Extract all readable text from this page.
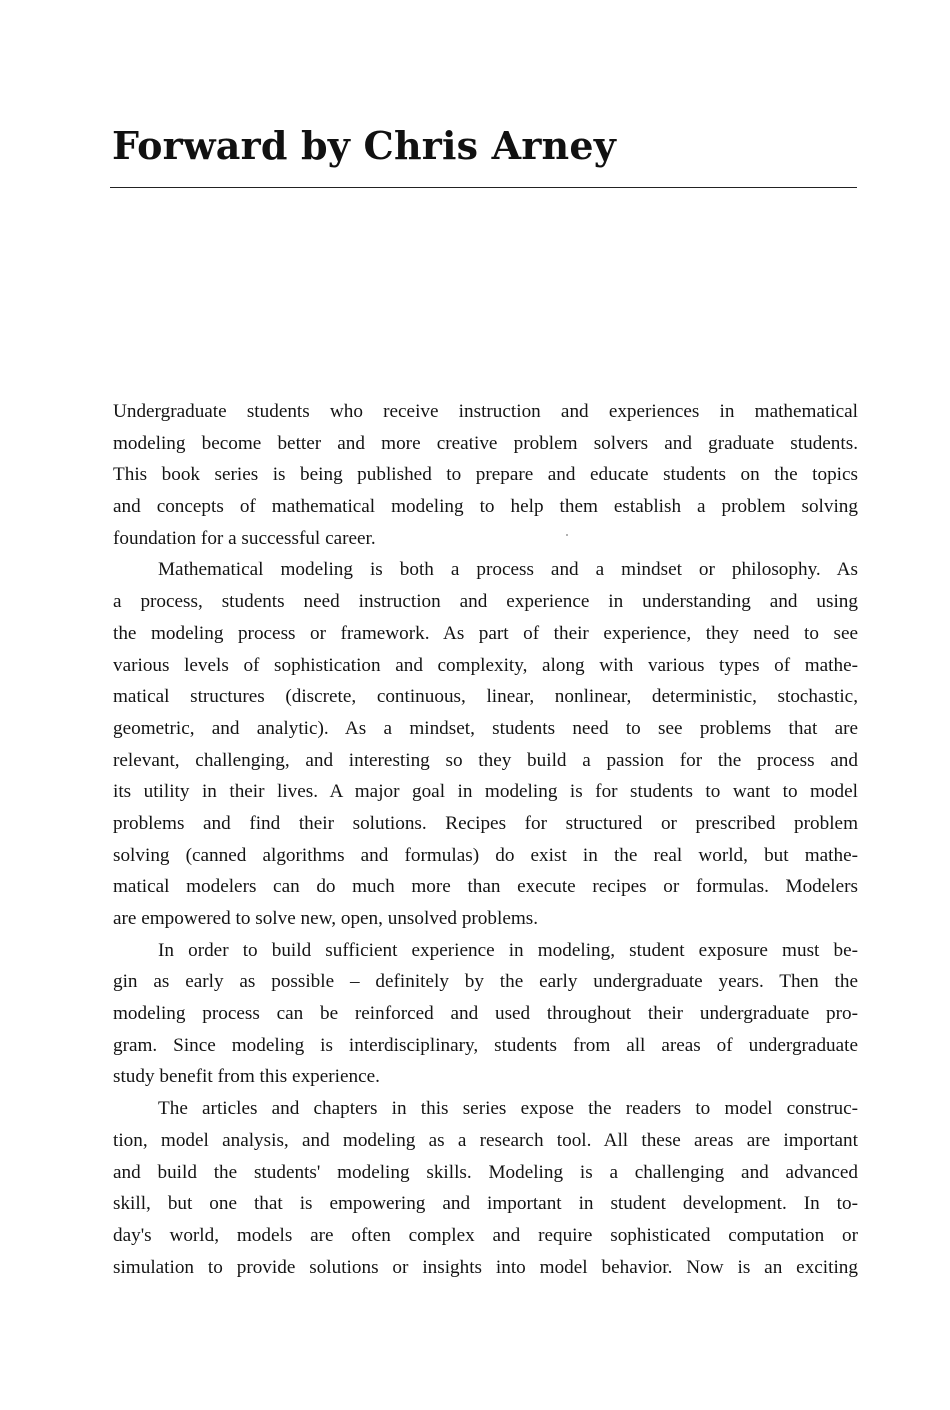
Forward by Chris Arney
Undergraduate students who receive instruction and experiences in mathematical
modeling become better and more creative problem solvers and graduate students.
This book series is being published to prepare and educate students on the topics
and concepts of mathematical modeling to help them establish a problem solving
foundation for a successful career.
Mathematical modeling is both a process and a mindset or philosophy. As
a process, students need instruction and experience in understanding and using
the modeling process or framework. As part of their experience, they need to see
various levels of sophistication and complexity, along with various types of mathe-
matical structures (discrete, continuous, linear, nonlinear, deterministic, stochastic,
geometric, and analytic). As a mindset, students need to see problems that are
relevant, challenging, and interesting so they build a passion for the process and
its utility in their lives. A major goal in modeling is for students to want to model
problems and find their solutions. Recipes for structured or prescribed problem
solving (canned algorithms and formulas) do exist in the real world, but mathe-
matical modelers can do much more than execute recipes or formulas. Modelers
are empowered to solve new, open, unsolved problems.
In order to build sufficient experience in modeling, student exposure must be-
gin as early as possible – definitely by the early undergraduate years. Then the
modeling process can be reinforced and used throughout their undergraduate pro-
gram. Since modeling is interdisciplinary, students from all areas of undergraduate
study benefit from this experience.
The articles and chapters in this series expose the readers to model construc-
tion, model analysis, and modeling as a research tool. All these areas are important
and build the students' modeling skills. Modeling is a challenging and advanced
skill, but one that is empowering and important in student development. In to-
day's world, models are often complex and require sophisticated computation or
simulation to provide solutions or insights into model behavior. Now is an exciting
